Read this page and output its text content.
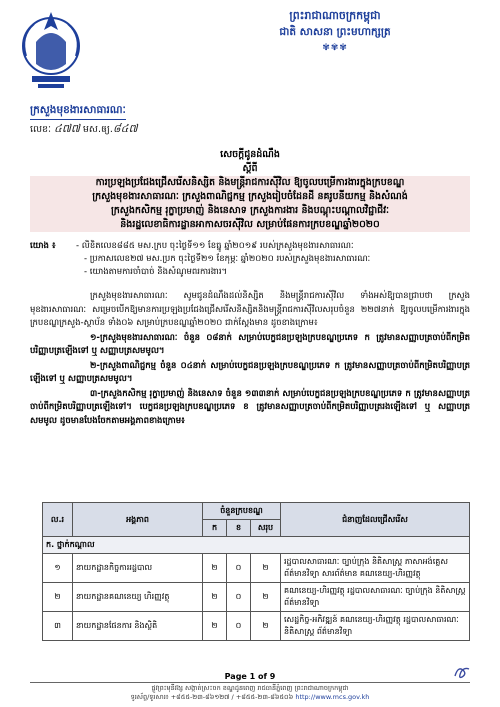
ព្រះរាជាណាចក្រកម្ពុជា
ជាតិ សាសនា ព្រះមហាក្សត្រ
✾✾✾
ក្រសួងមុខងារសាធារណៈ
លេខៈ ៤៧៧ មស.ឲ្យ.៨៤៧
សេចក្ដីជូនដំណឹង
ស្ដីពី
ការប្រឡងប្រជែងជ្រើសរើសនិស្សិត និងមន្ត្រីរាជការស៊ីវិល ឱ្យចូលបម្រើការងារក្នុងក្របខណ្ឌ
ក្រសួងមុខងារសាធារណៈ ក្រសួងពាណិជ្ជកម្ម ក្រសួងរៀបចំដែនដី នគរូបនីយកម្ម និងសំណង់
ក្រសួងកសិកម្ម រុក្ខាប្រមាញ់ និងនេសាទ ក្រសួងការងារ និងបណ្ដុះបណ្ដាលវិជ្ជាជីវៈ
និងរដ្ឋលេខាធិការដ្ឋានអាកាសចរស៊ីវិល សម្រាប់ផែនការក្របខណ្ឌឆ្នាំ២០២០
យោង ៖ - លិខិតលេខ៨៨៥ មស.ក្រប ចុះថ្ងៃទី១១ ខែធ្នូ ឆ្នាំ២០១៩ របស់ក្រសួងមុខងារសាធារណៈ
- ប្រកាសលេខ២៧ មស.ប្រក ចុះថ្ងៃទី២១ ខែកុម្ភៈ ឆ្នាំ២០២០ របស់ក្រសួងមុខងារសាធារណៈ
- យោងតាមការចាំបាច់ និងសំណូមពរការងារ។

ក្រសួងមុខងារសាធារណៈ សូមជូនដំណឹងដល់និស្សិត និងមន្ត្រីរាជការស៊ីវិល ទាំងអស់ឱ្យបានជ្រាបថា ក្រសួងមុខងារសាធារណៈ សម្រេចបើកឱ្យមានការប្រឡងប្រជែងជ្រើសរើសនិស្សិតនិងមន្ត្រីរាជការស៊ីវិលសរុបចំនួន ២២៧នាក់ ឱ្យចូលបម្រើការងារក្នុងក្របខណ្ឌក្រសួង-ស្ថាប័ន ទាំង០៦ សម្រាប់ក្របខណ្ឌឆ្នាំ២០២០ ជាក់ស្ដែងមាន ដូចខាងក្រោម៖

១-ក្រសួងមុខងារសាធារណៈ ចំនួន ០៨នាក់ សម្រាប់បេក្ខជនប្រឡងក្របខណ្ឌប្រភេទ ក ត្រូវមានសញ្ញាបត្រចាប់ពីកម្រិតបរិញ្ញាបត្រឡើងទៅ ឬ សញ្ញាបត្រសមមូល។

២-ក្រសួងពាណិជ្ជកម្ម ចំនួន ០៤នាក់ សម្រាប់បេក្ខជនប្រឡងក្របខណ្ឌប្រភេទ ក ត្រូវមានសញ្ញាបត្រចាប់ពីកម្រិតបរិញ្ញាបត្រឡើងទៅ ឬ សញ្ញាបត្រសមមូល។

៣-ក្រសួងកសិកម្ម រុក្ខាប្រមាញ់ និងនេសាទ ចំនួន ១៣៣នាក់ សម្រាប់បេក្ខជនប្រឡងក្របខណ្ឌប្រភេទ ក ត្រូវមានសញ្ញាបត្រចាប់ពីកម្រិតបរិញ្ញាបត្រឡើងទៅ។ បេក្ខជនប្រឡងក្របខណ្ឌប្រភេទ ខ ត្រូវមានសញ្ញាបត្រចាប់ពីកម្រិតបរិញ្ញាបត្ររងឡើងទៅ ឬ សញ្ញាបត្រសមមូល ដូចមានបែងចែកតាមអង្គភាពខាងក្រោម៖

ល.រ	អង្គភាព	ចំនួនក្របខណ្ឌ			ជំនាញដែលជ្រើសរើស
		ក	ខ	សរុប	
ក. ថ្នាក់កណ្ដាល					
១	នាយកដ្ឋានកិច្ចការរដ្ឋបាល	២	០	២	រដ្ឋបាលសាធារណៈ ច្បាប់ក្រុង និតិសាស្ត្រ ភាសាអង់គ្លេស ព័ត៌មានវិទ្យា សារព័ត៌មាន គណនេយ្យ-ហិរញ្ញវត្ថុ
២	នាយកដ្ឋានគណនេយ្យ ហិរញ្ញវត្ថុ	២	០	២	គណនេយ្យ-ហិរញ្ញវត្ថុ រដ្ឋបាលសាធារណៈ ច្បាប់ក្រុង និតិសាស្ត្រ ព័ត៌មានវិទ្យា
៣	នាយកដ្ឋានផែនការ និងស្ថិតិ	២	០	២	សេដ្ឋកិច្ច-អភិវឌ្ឍន៍ គណនេយ្យ-ហិរញ្ញវត្ថុ រដ្ឋបាលសាធារណៈ និតិសាស្ត្រ ព័ត៌មានវិទ្យា
Page 1 of 9
ផ្លូវព្រះមុនីវង្ស សង្កាត់ស្រះចក ខណ្ឌដូនពេញ រាជធានីភ្នំពេញ ព្រះរាជាណាចក្រកម្ពុជា
ទូរស័ព្ទ/ទូរសារ៖ +៨៥៥-២៣-៨៦១២៧ / +៨៥៥-២៣-៨៦៥០៦ http://www.mcs.gov.kh
